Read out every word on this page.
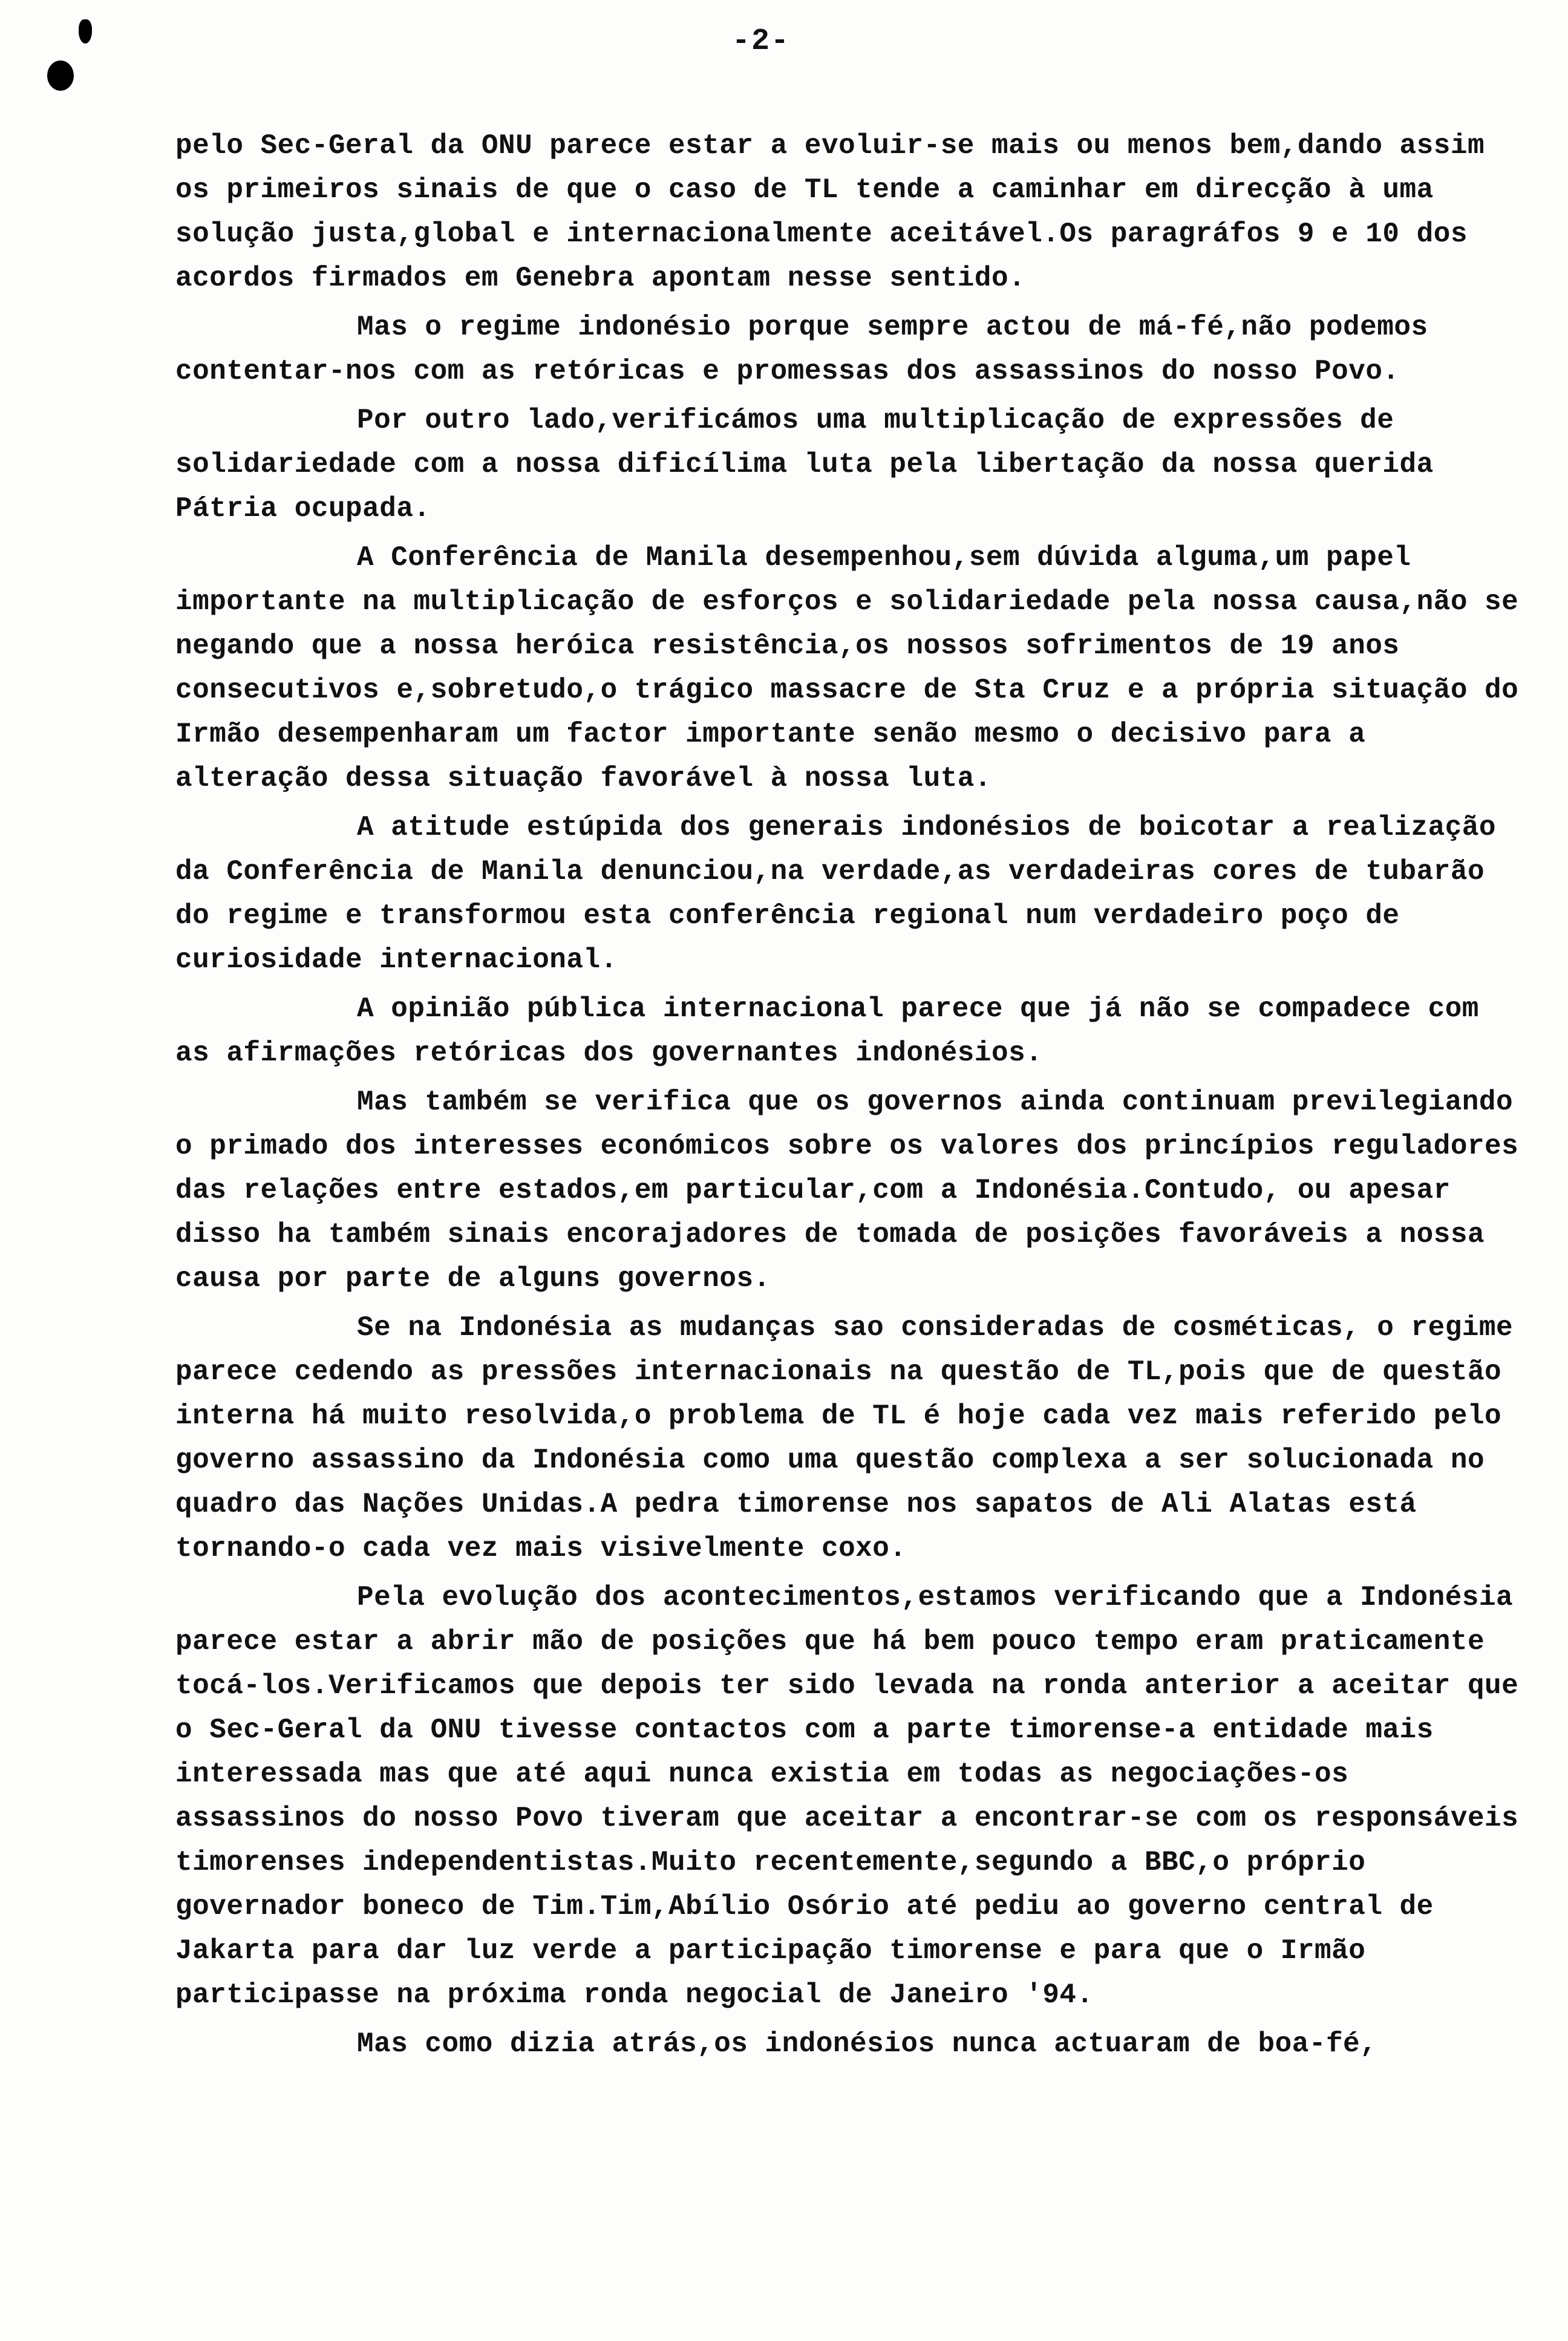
-2-

pelo Sec-Geral da ONU parece estar a evoluir-se mais ou menos bem,dando assim os primeiros sinais de que o caso de TL tende a caminhar em direcção à uma solução justa,global e internacionalmente aceitável.Os paragráfos 9 e 10 dos acordos firmados em Genebra apontam nesse sentido.

Mas o regime indonésio porque sempre actou de má-fé,não podemos contentar-nos com as retóricas e promessas dos assassinos do nosso Povo.

Por outro lado,verificámos uma multiplicação de expressões de solidariedade com a nossa dificílima luta pela libertação da nossa querida Pátria ocupada.

A Conferência de Manila desempenhou,sem dúvida alguma,um papel importante na multiplicação de esforços e solidariedade pela nossa causa,não se negando que a nossa heróica resistência,os nossos sofrimentos de 19 anos consecutivos e,sobretudo,o trágico massacre de Sta Cruz e a própria situação do Irmão desempenharam um factor importante senão mesmo o decisivo para a alteração dessa situação favorável à nossa luta.

A atitude estúpida dos generais indonésios de boicotar a realização da Conferência de Manila denunciou,na verdade,as verdadeiras cores de tubarão do regime e transformou esta conferência regional num verdadeiro poço de curiosidade internacional.

A opinião pública internacional parece que já não se compadece com as afirmações retóricas dos governantes indonésios.

Mas também se verifica que os governos ainda continuam previlegiando o primado dos interesses económicos sobre os valores dos princípios reguladores das relações entre estados,em particular,com a Indonésia.Contudo, ou apesar disso ha também sinais encorajadores de tomada de posições favoráveis a nossa causa por parte de alguns governos.

Se na Indonésia as mudanças sao consideradas de cosméticas, o regime parece cedendo as pressões internacionais na questão de TL,pois que de questão interna há muito resolvida,o problema de TL é hoje cada vez mais referido pelo governo assassino da Indonésia como uma questão complexa a ser solucionada no quadro das Nações Unidas.A pedra timorense nos sapatos de Ali Alatas está tornando-o cada vez mais visivelmente coxo.

Pela evolução dos acontecimentos,estamos verificando que a Indonésia parece estar a abrir mão de posições que há bem pouco tempo eram praticamente tocá-los.Verificamos que depois ter sido levada na ronda anterior a aceitar que o Sec-Geral da ONU tivesse contactos com a parte timorense-a entidade mais interessada mas que até aqui nunca existia em todas as negociações-os assassinos do nosso Povo tiveram que aceitar a encontrar-se com os responsáveis timorenses independentistas.Muito recentemente,segundo a BBC,o próprio governador boneco de Tim.Tim,Abílio Osório até pediu ao governo central de Jakarta para dar luz verde a participação timorense e para que o Irmão participasse na próxima ronda negocial de Janeiro '94.

Mas como dizia atrás,os indonésios nunca actuaram de boa-fé,
